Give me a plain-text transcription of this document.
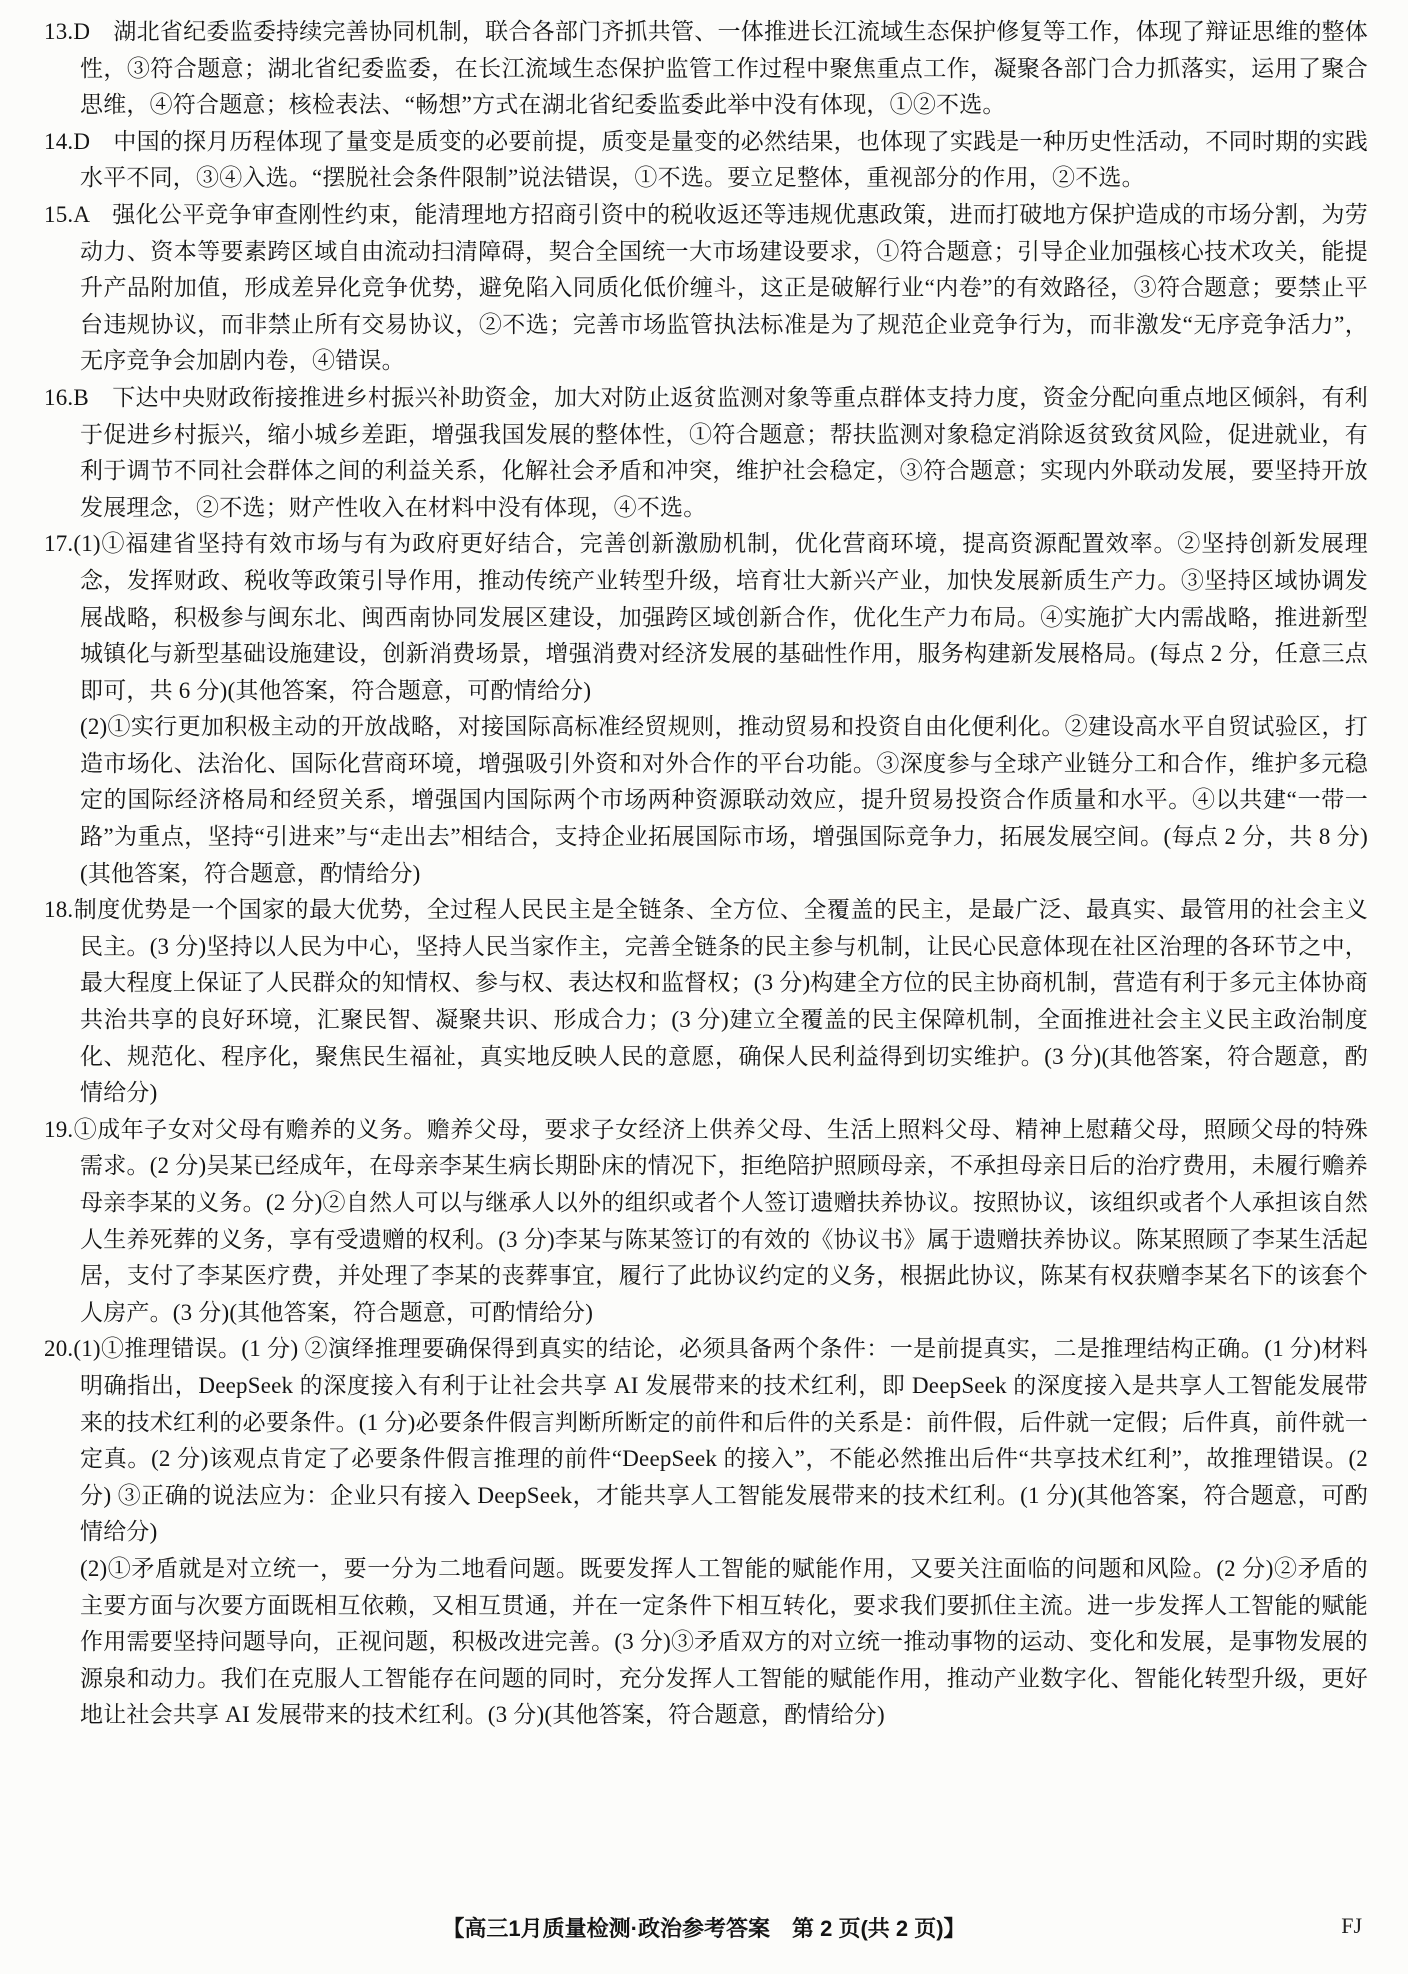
13.D　湖北省纪委监委持续完善协同机制，联合各部门齐抓共管、一体推进长江流域生态保护修复等工作，体现了辩证思维的整体性，③符合题意；湖北省纪委监委，在长江流域生态保护监管工作过程中聚焦重点工作，凝聚各部门合力抓落实，运用了聚合思维，④符合题意；核检表法、“畅想”方式在湖北省纪委监委此举中没有体现，①②不选。

14.D　中国的探月历程体现了量变是质变的必要前提，质变是量变的必然结果，也体现了实践是一种历史性活动，不同时期的实践水平不同，③④入选。“摆脱社会条件限制”说法错误，①不选。要立足整体，重视部分的作用，②不选。

15.A　强化公平竞争审查刚性约束，能清理地方招商引资中的税收返还等违规优惠政策，进而打破地方保护造成的市场分割，为劳动力、资本等要素跨区域自由流动扫清障碍，契合全国统一大市场建设要求，①符合题意；引导企业加强核心技术攻关，能提升产品附加值，形成差异化竞争优势，避免陷入同质化低价缠斗，这正是破解行业“内卷”的有效路径，③符合题意；要禁止平台违规协议，而非禁止所有交易协议，②不选；完善市场监管执法标准是为了规范企业竞争行为，而非激发“无序竞争活力”，无序竞争会加剧内卷，④错误。

16.B　下达中央财政衔接推进乡村振兴补助资金，加大对防止返贫监测对象等重点群体支持力度，资金分配向重点地区倾斜，有利于促进乡村振兴，缩小城乡差距，增强我国发展的整体性，①符合题意；帮扶监测对象稳定消除返贫致贫风险，促进就业，有利于调节不同社会群体之间的利益关系，化解社会矛盾和冲突，维护社会稳定，③符合题意；实现内外联动发展，要坚持开放发展理念，②不选；财产性收入在材料中没有体现，④不选。

17.(1)①福建省坚持有效市场与有为政府更好结合，完善创新激励机制，优化营商环境，提高资源配置效率。②坚持创新发展理念，发挥财政、税收等政策引导作用，推动传统产业转型升级，培育壮大新兴产业，加快发展新质生产力。③坚持区域协调发展战略，积极参与闽东北、闽西南协同发展区建设，加强跨区域创新合作，优化生产力布局。④实施扩大内需战略，推进新型城镇化与新型基础设施建设，创新消费场景，增强消费对经济发展的基础性作用，服务构建新发展格局。(每点 2 分，任意三点即可，共 6 分)(其他答案，符合题意，可酌情给分)

(2)①实行更加积极主动的开放战略，对接国际高标准经贸规则，推动贸易和投资自由化便利化。②建设高水平自贸试验区，打造市场化、法治化、国际化营商环境，增强吸引外资和对外合作的平台功能。③深度参与全球产业链分工和合作，维护多元稳定的国际经济格局和经贸关系，增强国内国际两个市场两种资源联动效应，提升贸易投资合作质量和水平。④以共建“一带一路”为重点，坚持“引进来”与“走出去”相结合，支持企业拓展国际市场，增强国际竞争力，拓展发展空间。(每点 2 分，共 8 分)(其他答案，符合题意，酌情给分)

18.制度优势是一个国家的最大优势，全过程人民民主是全链条、全方位、全覆盖的民主，是最广泛、最真实、最管用的社会主义民主。(3 分)坚持以人民为中心，坚持人民当家作主，完善全链条的民主参与机制，让民心民意体现在社区治理的各环节之中，最大程度上保证了人民群众的知情权、参与权、表达权和监督权；(3 分)构建全方位的民主协商机制，营造有利于多元主体协商共治共享的良好环境，汇聚民智、凝聚共识、形成合力；(3 分)建立全覆盖的民主保障机制，全面推进社会主义民主政治制度化、规范化、程序化，聚焦民生福祉，真实地反映人民的意愿，确保人民利益得到切实维护。(3 分)(其他答案，符合题意，酌情给分)

19.①成年子女对父母有赡养的义务。赡养父母，要求子女经济上供养父母、生活上照料父母、精神上慰藉父母，照顾父母的特殊需求。(2 分)吴某已经成年，在母亲李某生病长期卧床的情况下，拒绝陪护照顾母亲，不承担母亲日后的治疗费用，未履行赡养母亲李某的义务。(2 分)②自然人可以与继承人以外的组织或者个人签订遗赠扶养协议。按照协议，该组织或者个人承担该自然人生养死葬的义务，享有受遗赠的权利。(3 分)李某与陈某签订的有效的《协议书》属于遗赠扶养协议。陈某照顾了李某生活起居，支付了李某医疗费，并处理了李某的丧葬事宜，履行了此协议约定的义务，根据此协议，陈某有权获赠李某名下的该套个人房产。(3 分)(其他答案，符合题意，可酌情给分)

20.(1)①推理错误。(1 分) ②演绎推理要确保得到真实的结论，必须具备两个条件：一是前提真实，二是推理结构正确。(1 分)材料明确指出，DeepSeek 的深度接入有利于让社会共享 AI 发展带来的技术红利，即 DeepSeek 的深度接入是共享人工智能发展带来的技术红利的必要条件。(1 分)必要条件假言判断所断定的前件和后件的关系是：前件假，后件就一定假；后件真，前件就一定真。(2 分)该观点肯定了必要条件假言推理的前件“DeepSeek 的接入”，不能必然推出后件“共享技术红利”，故推理错误。(2 分) ③正确的说法应为：企业只有接入 DeepSeek，才能共享人工智能发展带来的技术红利。(1 分)(其他答案，符合题意，可酌情给分)

(2)①矛盾就是对立统一，要一分为二地看问题。既要发挥人工智能的赋能作用，又要关注面临的问题和风险。(2 分)②矛盾的主要方面与次要方面既相互依赖，又相互贯通，并在一定条件下相互转化，要求我们要抓住主流。进一步发挥人工智能的赋能作用需要坚持问题导向，正视问题，积极改进完善。(3 分)③矛盾双方的对立统一推动事物的运动、变化和发展，是事物发展的源泉和动力。我们在克服人工智能存在问题的同时，充分发挥人工智能的赋能作用，推动产业数字化、智能化转型升级，更好地让社会共享 AI 发展带来的技术红利。(3 分)(其他答案，符合题意，酌情给分)

【高三1月质量检测·政治参考答案　第 2 页(共 2 页)】	FJ
